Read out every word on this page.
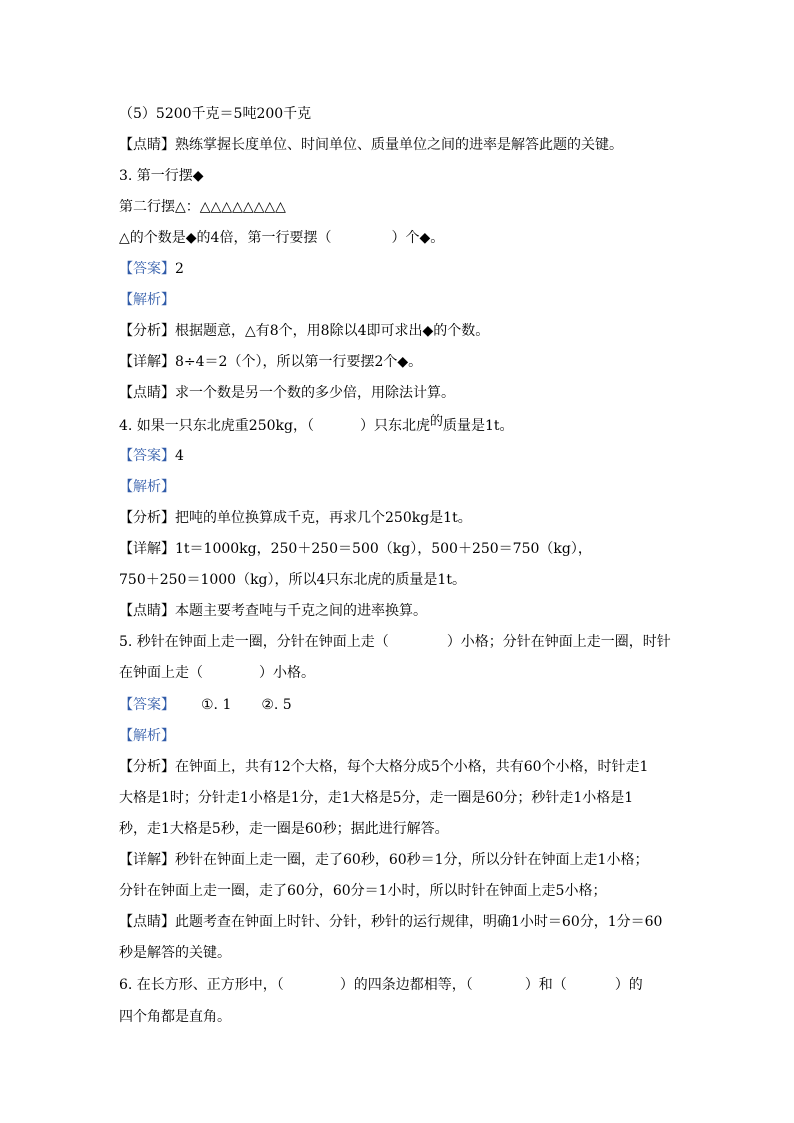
（5）5200千克＝5吨200千克
【点睛】熟练掌握长度单位、时间单位、质量单位之间的进率是解答此题的关键。
3. 第一行摆◆
第二行摆△：△△△△△△△△
△的个数是◆的4倍，第一行要摆（	）个◆。
【答案】2
【解析】
【分析】根据题意，△有8个，用8除以4即可求出◆的个数。
【详解】8÷4＝2（个），所以第一行要摆2个◆。
【点睛】求一个数是另一个数的多少倍，用除法计算。
4. 如果一只东北虎重250kg，（	）只东北虎的质量是1t。
【答案】4
【解析】
【分析】把吨的单位换算成千克，再求几个250kg是1t。
【详解】1t＝1000kg，250＋250＝500（kg），500＋250＝750（kg），
750＋250＝1000（kg），所以4只东北虎的质量是1t。
【点睛】本题主要考查吨与千克之间的进率换算。
5. 秒针在钟面上走一圈，分针在钟面上走（	）小格；分针在钟面上走一圈，时针
在钟面上走（	）小格。
【答案】 ①. 1 ②. 5
【解析】
【分析】在钟面上，共有12个大格，每个大格分成5个小格，共有60个小格，时针走1
大格是1时；分针走1小格是1分，走1大格是5分，走一圈是60分；秒针走1小格是1
秒，走1大格是5秒，走一圈是60秒；据此进行解答。
【详解】秒针在钟面上走一圈，走了60秒，60秒＝1分，所以分针在钟面上走1小格；
分针在钟面上走一圈，走了60分，60分＝1小时，所以时针在钟面上走5小格；
【点睛】此题考查在钟面上时针、分针，秒针的运行规律，明确1小时＝60分，1分＝60
秒是解答的关键。
6. 在长方形、正方形中，（	）的四条边都相等，（	）和（	）的
四个角都是直角。
